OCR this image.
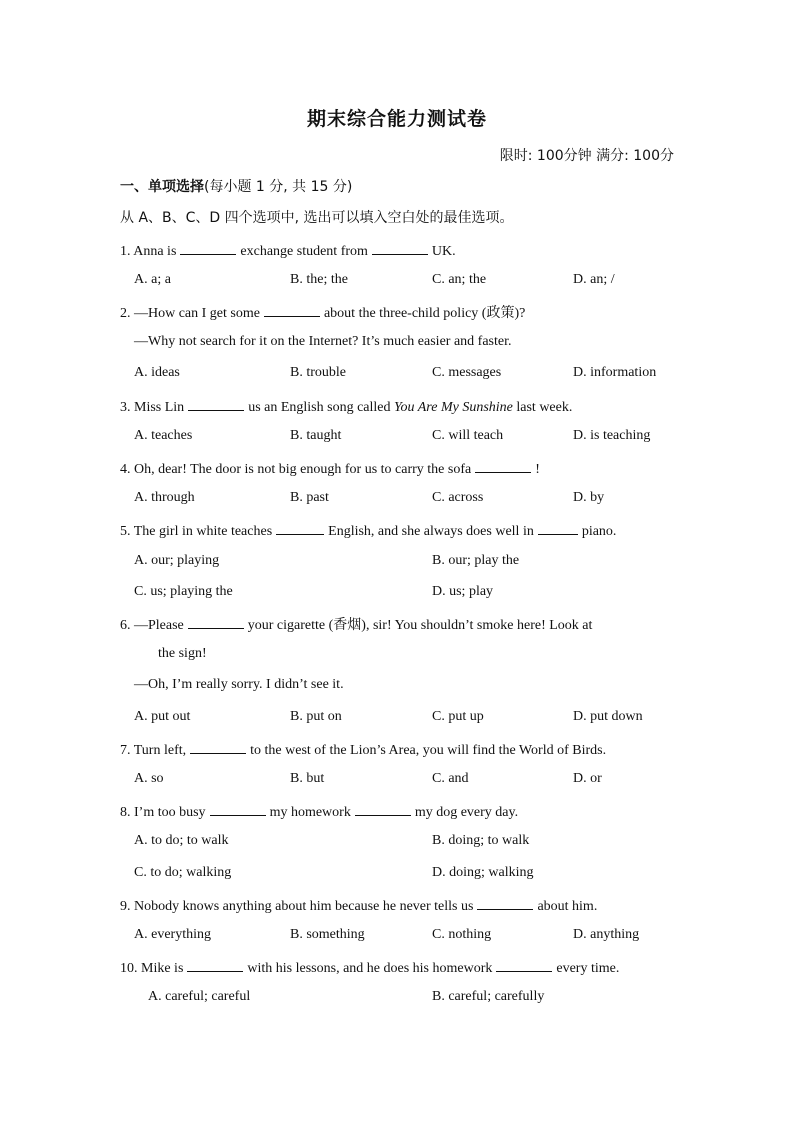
期末综合能力测试卷
限时: 100分钟 满分: 100分
一、单项选择(每小题 1 分, 共 15 分)
从 A、B、C、D 四个选项中, 选出可以填入空白处的最佳选项。
1. Anna is	exchange student from	UK.
A. a; a	B. the; the	C. an; the	D. an; /
2. —How can I get some	about the three-child policy (政策)?
—Why not search for it on the Internet? It’s much easier and faster.
A. ideas	B. trouble	C. messages	D. information
3. Miss Lin	us an English song called You Are My Sunshine last week.
A. teaches	B. taught	C. will teach	D. is teaching
4. Oh, dear! The door is not big enough for us to carry the sofa	!
A. through	B. past	C. across	D. by
5. The girl in white teaches	English, and she always does well in	piano.
A. our; playing	B. our; play the
C. us; playing the	D. us; play
6. —Please	your cigarette (香烟), sir! You shouldn’t smoke here! Look at
the sign!
—Oh, I’m really sorry. I didn’t see it.
A. put out	B. put on	C. put up	D. put down
7. Turn left,	to the west of the Lion’s Area, you will find the World of Birds.
A. so	B. but	C. and	D. or
8. I’m too busy	my homework	my dog every day.
A. to do; to walk	B. doing; to walk
C. to do; walking	D. doing; walking
9. Nobody knows anything about him because he never tells us	about him.
A. everything	B. something	C. nothing	D. anything
10. Mike is	with his lessons, and he does his homework	every time.
A. careful; careful	B. careful; carefully
